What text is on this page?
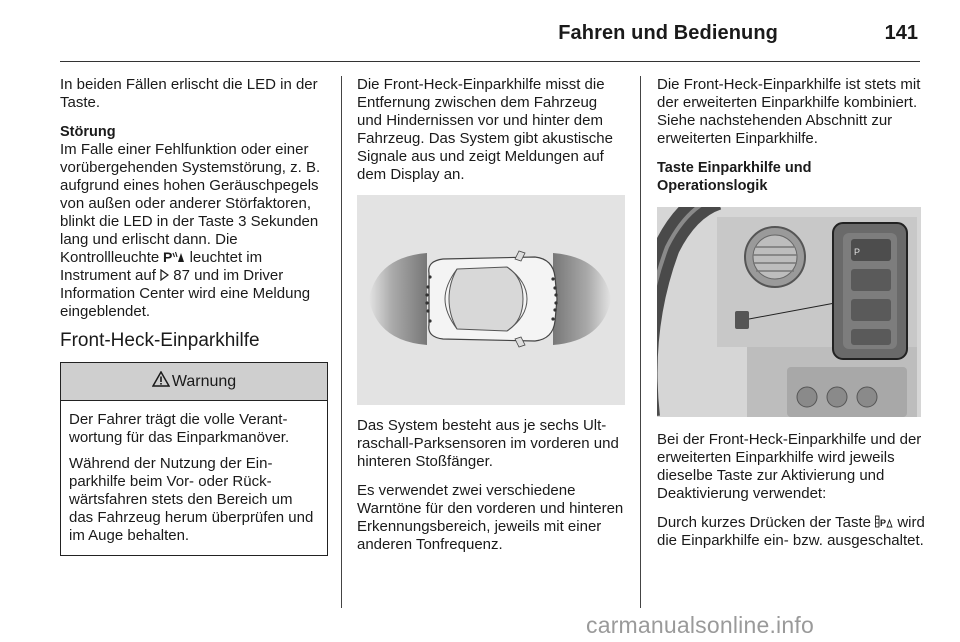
Fahren und Bedienung	141

In beiden Fällen erlischt die LED in der Taste.

Störung

Im Falle einer Fehlfunktion oder einer vorübergehenden Systemstörung, z. B. aufgrund eines hohen Geräuschpegels von außen oder anderer Störfaktoren, blinkt die LED in der Taste 3 Sekunden lang und erlischt dann. Die Kontrollleuchte P leuchtet im Instrument auf  87 und im Driver Information Center wird eine Meldung eingeblendet.

Front-Heck-Einparkhilfe
Warnung

Der Fahrer trägt die volle Verantwortung für das Einparkmanöver.

Während der Nutzung der Einparkhilfe beim Vor- oder Rückwärtsfahren stets den Bereich um das Fahrzeug herum überprüfen und im Auge behalten.

Die Front-Heck-Einparkhilfe misst die Entfernung zwischen dem Fahrzeug und Hindernissen vor und hinter dem Fahrzeug. Das System gibt akustische Signale aus und zeigt Meldungen auf dem Display an.

Das System besteht aus je sechs Ultraschall-Parksensoren im vorderen und hinteren Stoßfänger.

Es verwendet zwei verschiedene Warntöne für den vorderen und hinteren Erkennungsbereich, jeweils mit einer anderen Tonfrequenz.

Die Front-Heck-Einparkhilfe ist stets mit der erweiterten Einparkhilfe kombiniert. Siehe nachstehenden Abschnitt zur erweiterten Einparkhilfe.

Taste Einparkhilfe und Operationslogik
P

Bei der Front-Heck-Einparkhilfe und der erweiterten Einparkhilfe wird jeweils dieselbe Taste zur Aktivierung und Deaktivierung verwendet:

Durch kurzes Drücken der Taste P wird die Einparkhilfe ein- bzw. ausgeschaltet.

carmanualsonline.info
